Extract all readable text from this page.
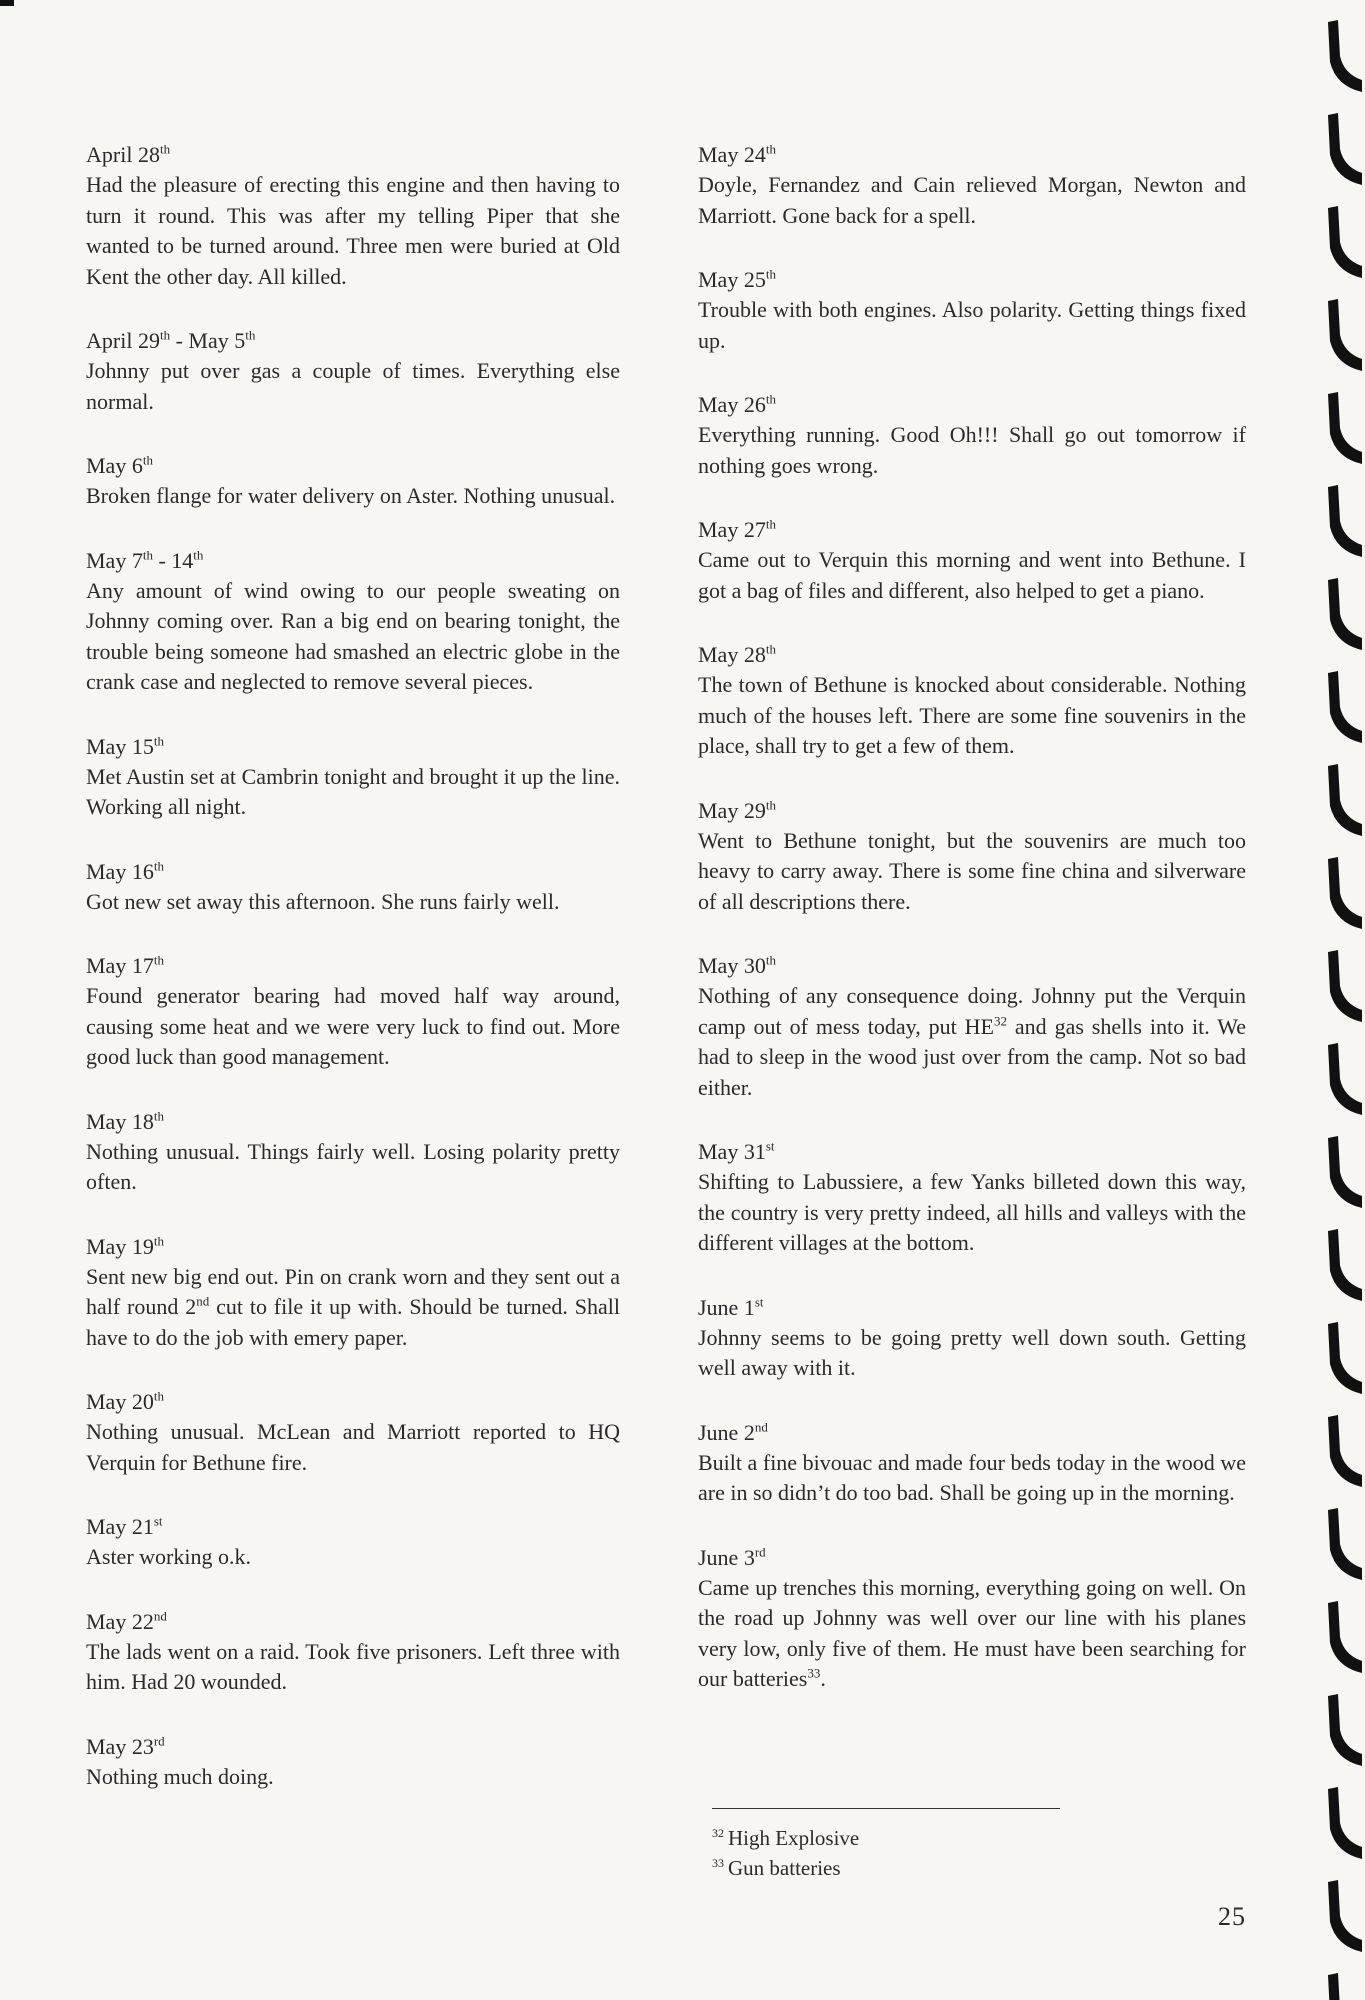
April 28th
Had the pleasure of erecting this engine and then having to turn it round. This was after my telling Piper that she wanted to be turned around. Three men were buried at Old Kent the other day. All killed.
April 29th - May 5th
Johnny put over gas a couple of times. Everything else normal.
May 6th
Broken flange for water delivery on Aster. Nothing unusual.
May 7th - 14th
Any amount of wind owing to our people sweating on Johnny coming over. Ran a big end on bearing tonight, the trouble being someone had smashed an electric globe in the crank case and neglected to remove several pieces.
May 15th
Met Austin set at Cambrin tonight and brought it up the line. Working all night.
May 16th
Got new set away this afternoon. She runs fairly well.
May 17th
Found generator bearing had moved half way around, causing some heat and we were very luck to find out. More good luck than good management.
May 18th
Nothing unusual. Things fairly well. Losing polarity pretty often.
May 19th
Sent new big end out. Pin on crank worn and they sent out a half round 2nd cut to file it up with. Should be turned. Shall have to do the job with emery paper.
May 20th
Nothing unusual. McLean and Marriott reported to HQ Verquin for Bethune fire.
May 21st
Aster working o.k.
May 22nd
The lads went on a raid. Took five prisoners. Left three with him. Had 20 wounded.
May 23rd
Nothing much doing.
May 24th
Doyle, Fernandez and Cain relieved Morgan, Newton and Marriott. Gone back for a spell.
May 25th
Trouble with both engines. Also polarity. Getting things fixed up.
May 26th
Everything running. Good Oh!!! Shall go out tomorrow if nothing goes wrong.
May 27th
Came out to Verquin this morning and went into Bethune. I got a bag of files and different, also helped to get a piano.
May 28th
The town of Bethune is knocked about considerable. Nothing much of the houses left. There are some fine souvenirs in the place, shall try to get a few of them.
May 29th
Went to Bethune tonight, but the souvenirs are much too heavy to carry away. There is some fine china and silverware of all descriptions there.
May 30th
Nothing of any consequence doing. Johnny put the Verquin camp out of mess today, put HE$^{32}$ and gas shells into it. We had to sleep in the wood just over from the camp. Not so bad either.
May 31st
Shifting to Labussiere, a few Yanks billeted down this way, the country is very pretty indeed, all hills and valleys with the different villages at the bottom.
June 1st
Johnny seems to be going pretty well down south. Getting well away with it.
June 2nd
Built a fine bivouac and made four beds today in the wood we are in so didn’t do too bad. Shall be going up in the morning.
June 3rd
Came up trenches this morning, everything going on well. On the road up Johnny was well over our line with his planes very low, only five of them. He must have been searching for our batteries$^{33}$.
$^{32}$ High Explosive
$^{33}$ Gun batteries
25
